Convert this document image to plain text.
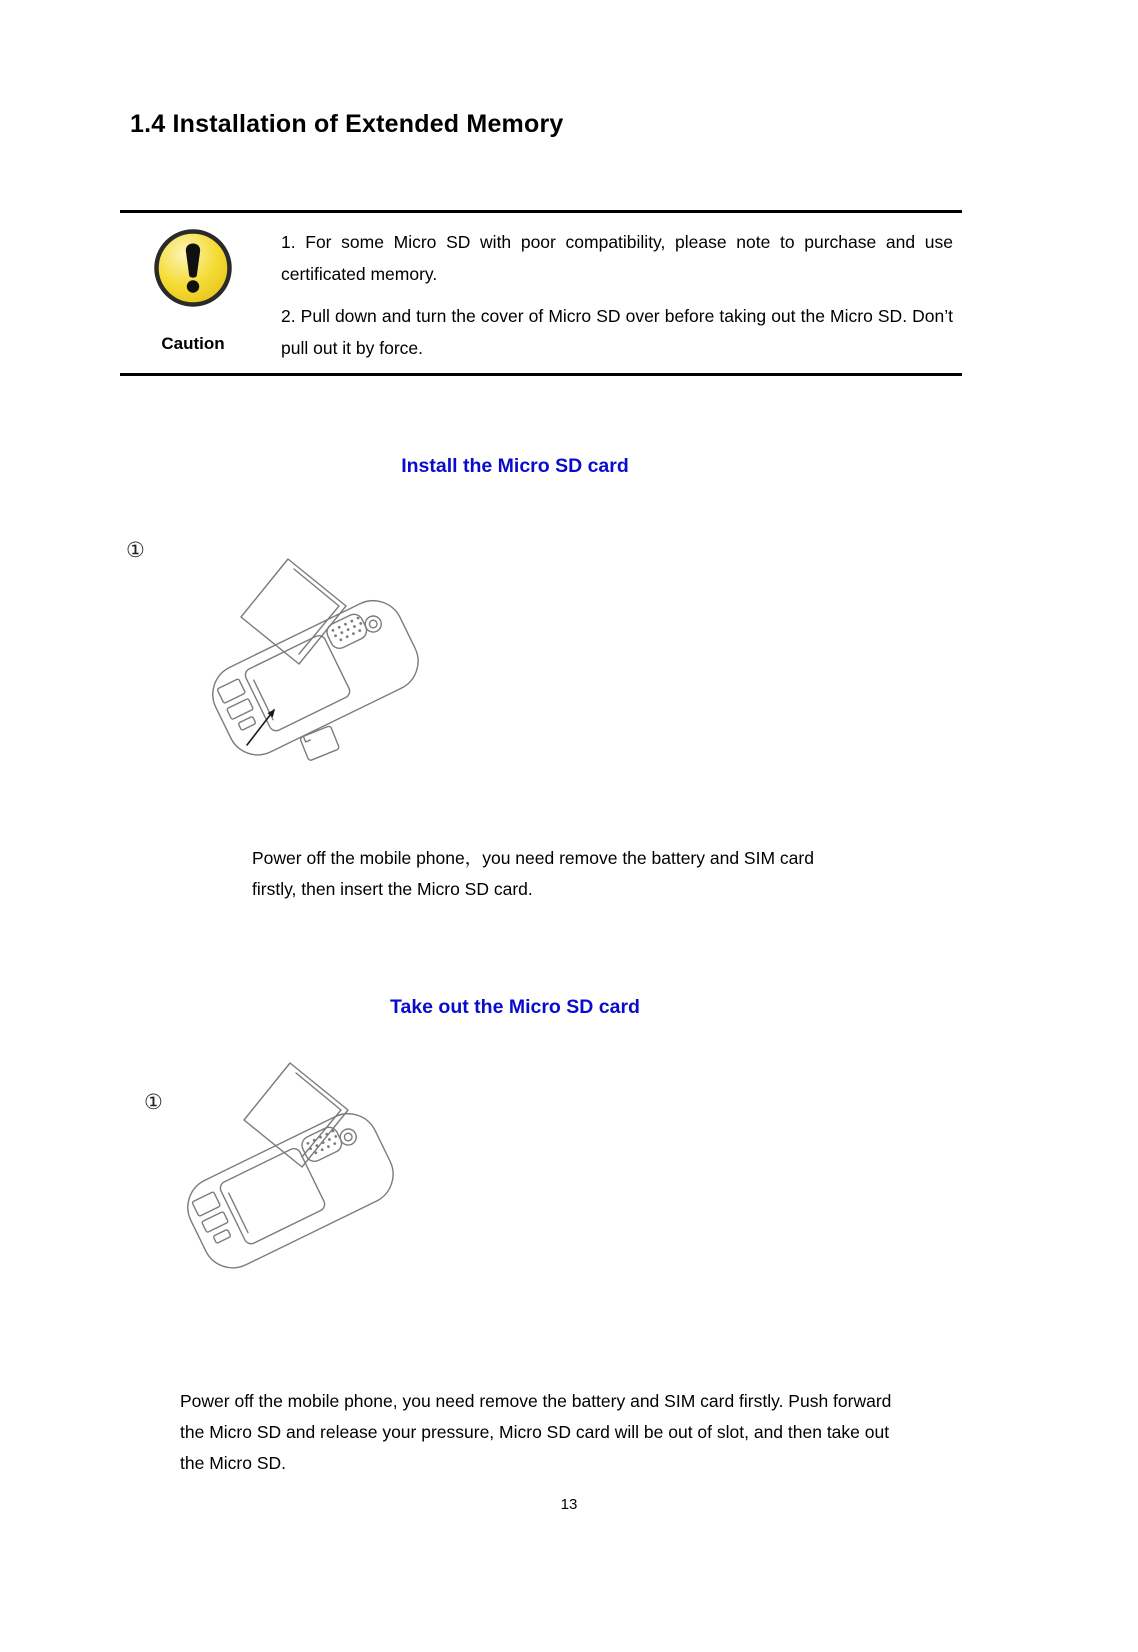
1.4 Installation of Extended Memory
Caution

1. For some Micro SD with poor compatibility, please note to purchase and use certificated memory.

2. Pull down and turn the cover of Micro SD over before taking out the Micro SD. Don’t pull out it by force.

Install the Micro SD card
①

Power off the mobile phone，you need remove the battery and SIM card firstly, then insert the Micro SD card.

Take out the Micro SD card
①

Power off the mobile phone, you need remove the battery and SIM card firstly. Push forward the Micro SD and release your pressure, Micro SD card will be out of slot, and then take out the Micro SD.

13
